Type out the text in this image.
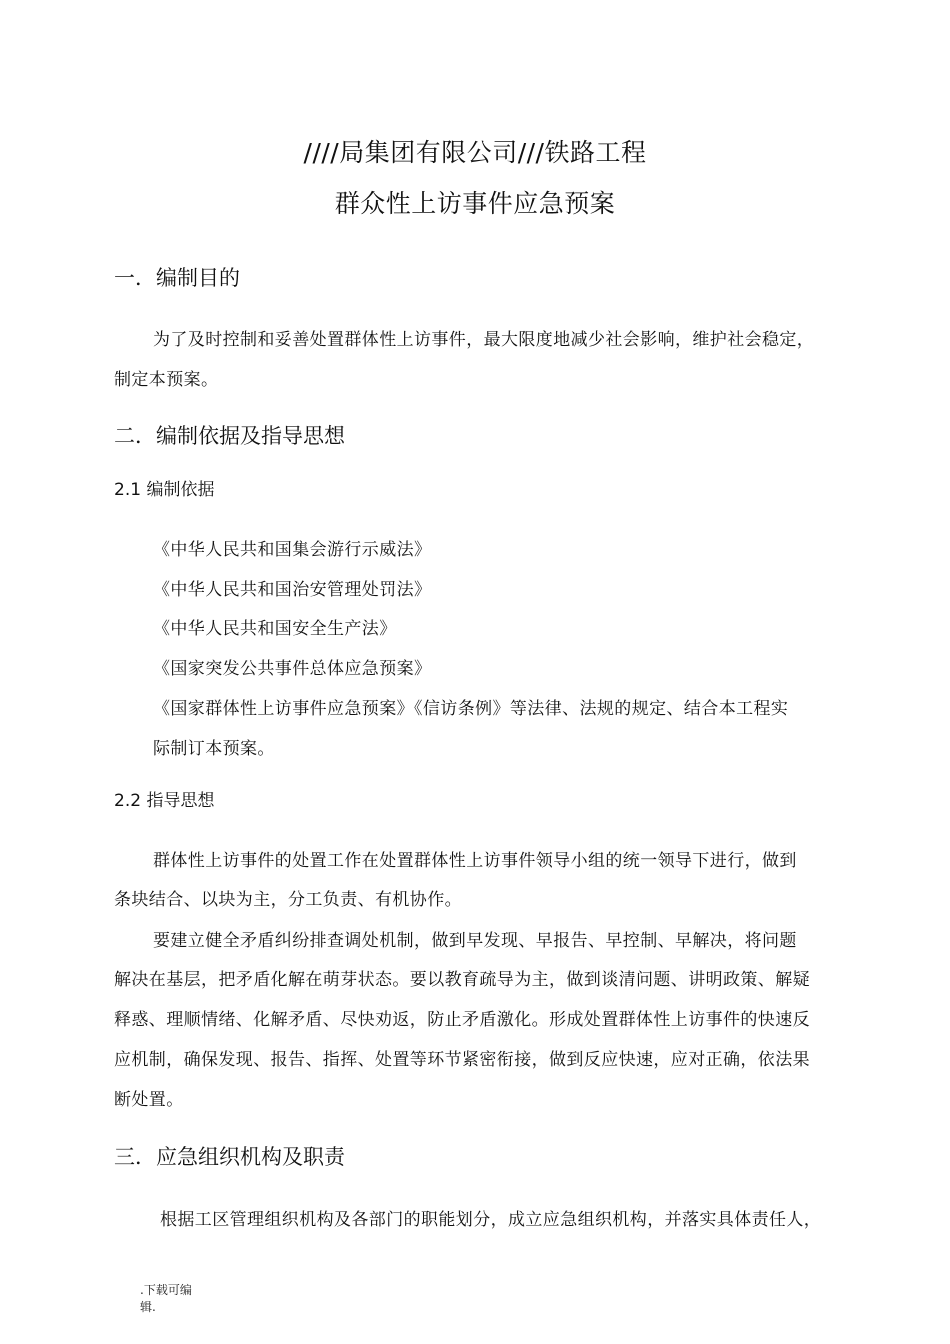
////局集团有限公司///铁路工程
群众性上访事件应急预案
一．编制目的
为了及时控制和妥善处置群体性上访事件，最大限度地减少社会影响，维护社会稳定，
制定本预案。
二．编制依据及指导思想
2.1 编制依据
《中华人民共和国集会游行示威法》
《中华人民共和国治安管理处罚法》
《中华人民共和国安全生产法》
《国家突发公共事件总体应急预案》
《国家群体性上访事件应急预案》《信访条例》等法律、法规的规定、结合本工程实
际制订本预案。
2.2 指导思想
群体性上访事件的处置工作在处置群体性上访事件领导小组的统一领导下进行，做到
条块结合、以块为主，分工负责、有机协作。
要建立健全矛盾纠纷排查调处机制，做到早发现、早报告、早控制、早解决，将问题
解决在基层，把矛盾化解在萌芽状态。要以教育疏导为主，做到谈清问题、讲明政策、解疑
释惑、理顺情绪、化解矛盾、尽快劝返，防止矛盾激化。形成处置群体性上访事件的快速反
应机制，确保发现、报告、指挥、处置等环节紧密衔接，做到反应快速，应对正确，依法果
断处置。
三．应急组织机构及职责
根据工区管理组织机构及各部门的职能划分，成立应急组织机构，并落实具体责任人，
.下载可编
辑.
